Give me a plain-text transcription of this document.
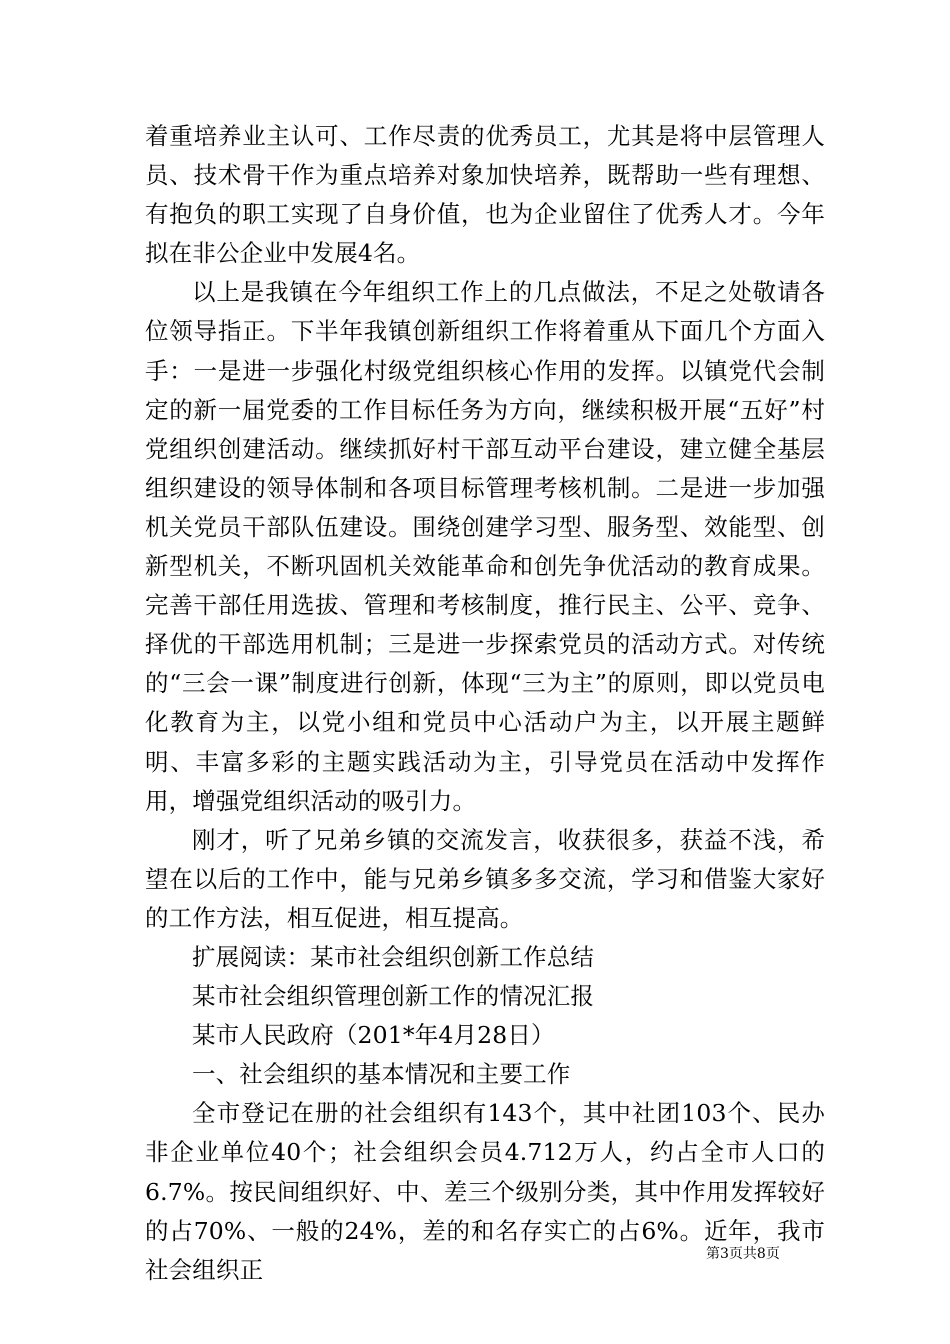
着重培养业主认可、工作尽责的优秀员工，尤其是将中层管理人员、技术骨干作为重点培养对象加快培养，既帮助一些有理想、有抱负的职工实现了自身价值，也为企业留住了优秀人才。今年拟在非公企业中发展4名。

以上是我镇在今年组织工作上的几点做法，不足之处敬请各位领导指正。下半年我镇创新组织工作将着重从下面几个方面入手：一是进一步强化村级党组织核心作用的发挥。以镇党代会制定的新一届党委的工作目标任务为方向，继续积极开展“五好”村党组织创建活动。继续抓好村干部互动平台建设，建立健全基层组织建设的领导体制和各项目标管理考核机制。二是进一步加强机关党员干部队伍建设。围绕创建学习型、服务型、效能型、创新型机关，不断巩固机关效能革命和创先争优活动的教育成果。完善干部任用选拔、管理和考核制度，推行民主、公平、竞争、择优的干部选用机制；三是进一步探索党员的活动方式。对传统的“三会一课”制度进行创新，体现“三为主”的原则，即以党员电化教育为主，以党小组和党员中心活动户为主，以开展主题鲜明、丰富多彩的主题实践活动为主，引导党员在活动中发挥作用，增强党组织活动的吸引力。

刚才，听了兄弟乡镇的交流发言，收获很多，获益不浅，希望在以后的工作中，能与兄弟乡镇多多交流，学习和借鉴大家好的工作方法，相互促进，相互提高。

扩展阅读：某市社会组织创新工作总结

某市社会组织管理创新工作的情况汇报

某市人民政府（201*年4月28日）

一、社会组织的基本情况和主要工作

全市登记在册的社会组织有143个，其中社团103个、民办非企业单位40个；社会组织会员4.712万人，约占全市人口的6.7%。按民间组织好、中、差三个级别分类，其中作用发挥较好的占70%、一般的24%，差的和名存实亡的占6%。近年，我市社会组织正

第3页共8页
